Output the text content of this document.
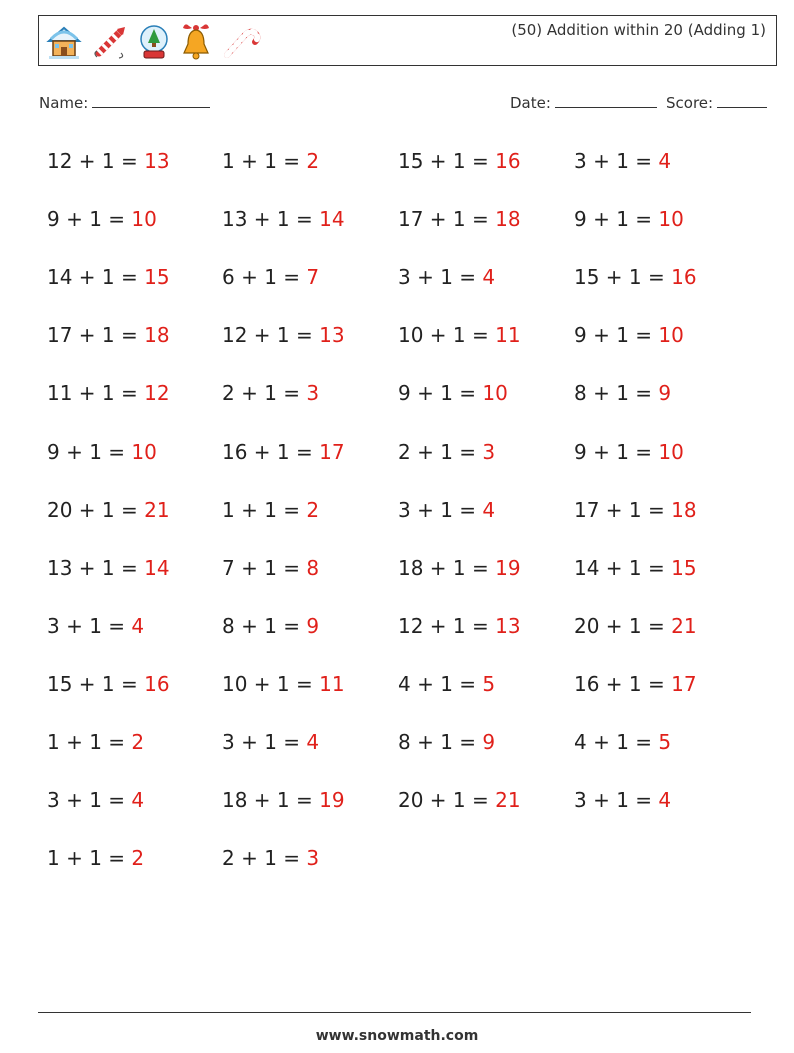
(50) Addition within 20 (Adding 1)
Name:	Date:	Score:
12 + 1 = 13	1 + 1 = 2	15 + 1 = 16	3 + 1 = 4
9 + 1 = 10	13 + 1 = 14	17 + 1 = 18	9 + 1 = 10
14 + 1 = 15	6 + 1 = 7	3 + 1 = 4	15 + 1 = 16
17 + 1 = 18	12 + 1 = 13	10 + 1 = 11	9 + 1 = 10
11 + 1 = 12	2 + 1 = 3	9 + 1 = 10	8 + 1 = 9
9 + 1 = 10	16 + 1 = 17	2 + 1 = 3	9 + 1 = 10
20 + 1 = 21	1 + 1 = 2	3 + 1 = 4	17 + 1 = 18
13 + 1 = 14	7 + 1 = 8	18 + 1 = 19	14 + 1 = 15
3 + 1 = 4	8 + 1 = 9	12 + 1 = 13	20 + 1 = 21
15 + 1 = 16	10 + 1 = 11	4 + 1 = 5	16 + 1 = 17
1 + 1 = 2	3 + 1 = 4	8 + 1 = 9	4 + 1 = 5
3 + 1 = 4	18 + 1 = 19	20 + 1 = 21	3 + 1 = 4
1 + 1 = 2	2 + 1 = 3
www.snowmath.com
